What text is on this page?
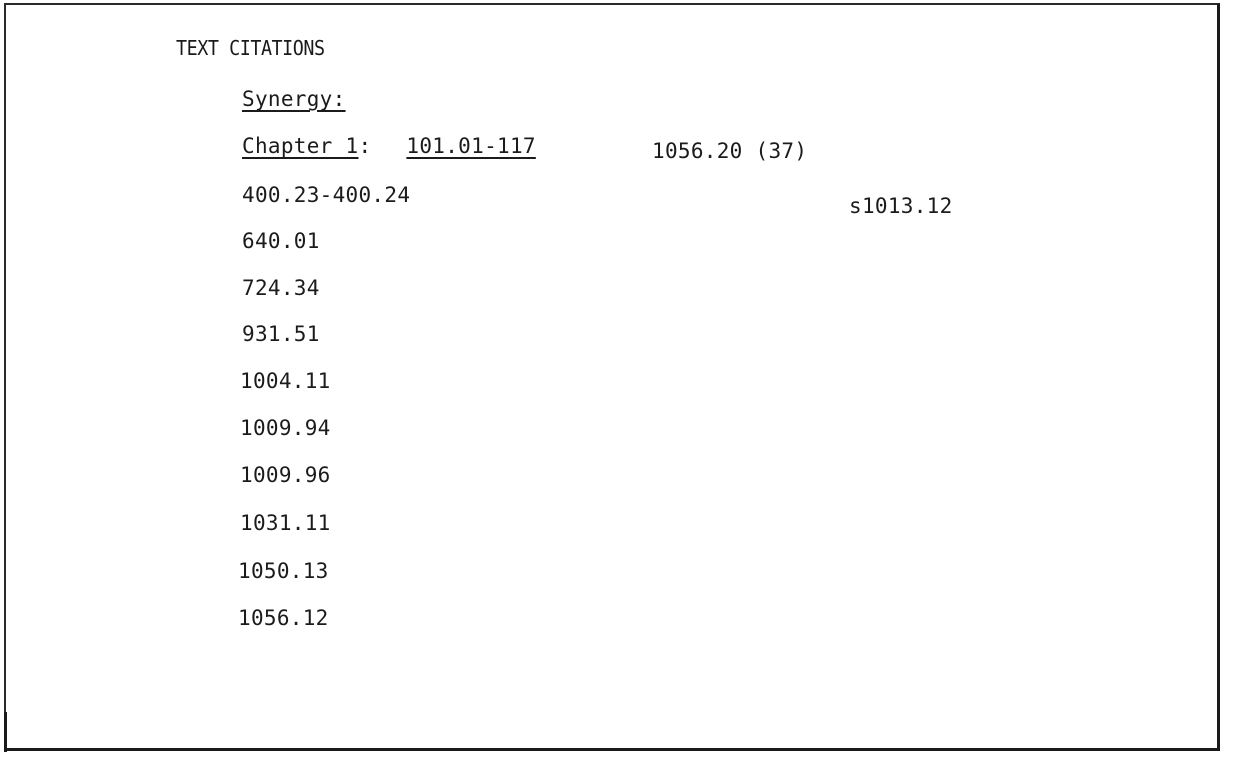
TEXT CITATIONS
Synergy:
Chapter 1: 101.01-117	1056.20 (37)
s1013.12
400.23-400.24
640.01
724.34
931.51
1004.11
1009.94
1009.96
1031.11
1050.13
1056.12
